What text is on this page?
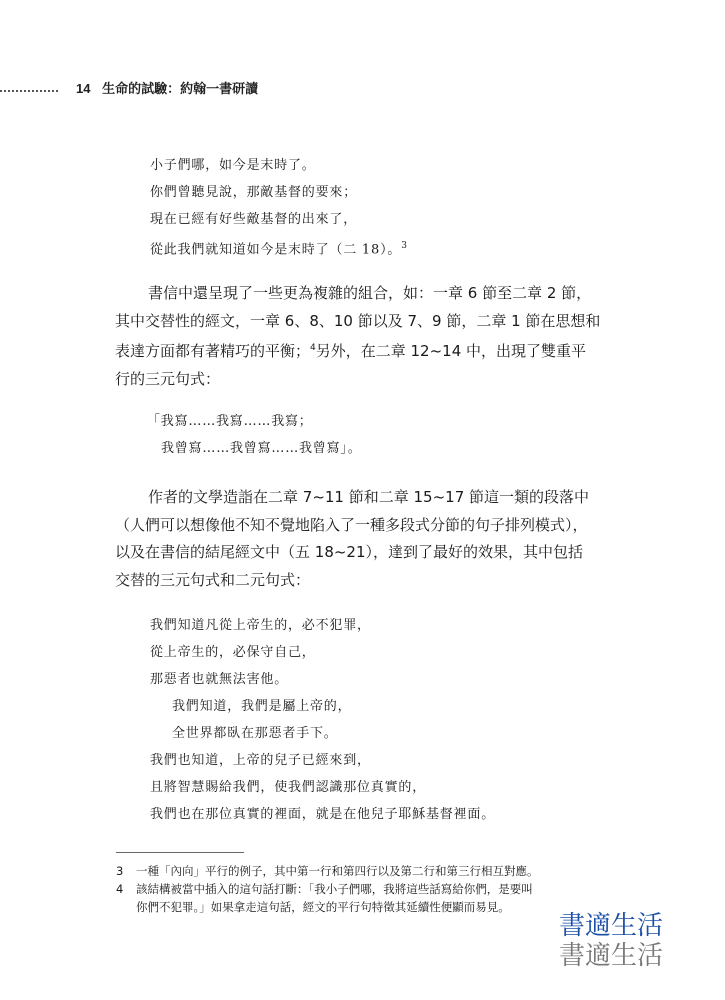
14 生命的試驗：約翰一書研讀
小子們哪，如今是末時了。
你們曾聽見說，那敵基督的要來；
現在已經有好些敵基督的出來了，
從此我們就知道如今是末時了（二 18）。$^3$
書信中還呈現了一些更為複雜的組合，如：一章 6 節至二章 2 節，
其中交替性的經文，一章 6、8、10 節以及 7、9 節，二章 1 節在思想和
表達方面都有著精巧的平衡；$^4$另外，在二章 12~14 中，出現了雙重平
行的三元句式：
「我寫……我寫……我寫；
我曾寫……我曾寫……我曾寫」。
作者的文學造詣在二章 7~11 節和二章 15~17 節這一類的段落中
（人們可以想像他不知不覺地陷入了一種多段式分節的句子排列模式），
以及在書信的結尾經文中（五 18~21），達到了最好的效果，其中包括
交替的三元句式和二元句式：
我們知道凡從上帝生的，必不犯罪，
從上帝生的，必保守自己，
那惡者也就無法害他。
我們知道，我們是屬上帝的，
全世界都臥在那惡者手下。
我們也知道，上帝的兒子已經來到，
且將智慧賜給我們，使我們認識那位真實的，
我們也在那位真實的裡面，就是在他兒子耶穌基督裡面。
3 一種「內向」平行的例子，其中第一行和第四行以及第二行和第三行相互對應。
4 該結構被當中插入的這句話打斷：「我小子們哪，我將這些話寫給你們，是要叫
你們不犯罪。」如果拿走這句話，經文的平行句特徵其延續性便顯而易見。
書適生活
書適生活
